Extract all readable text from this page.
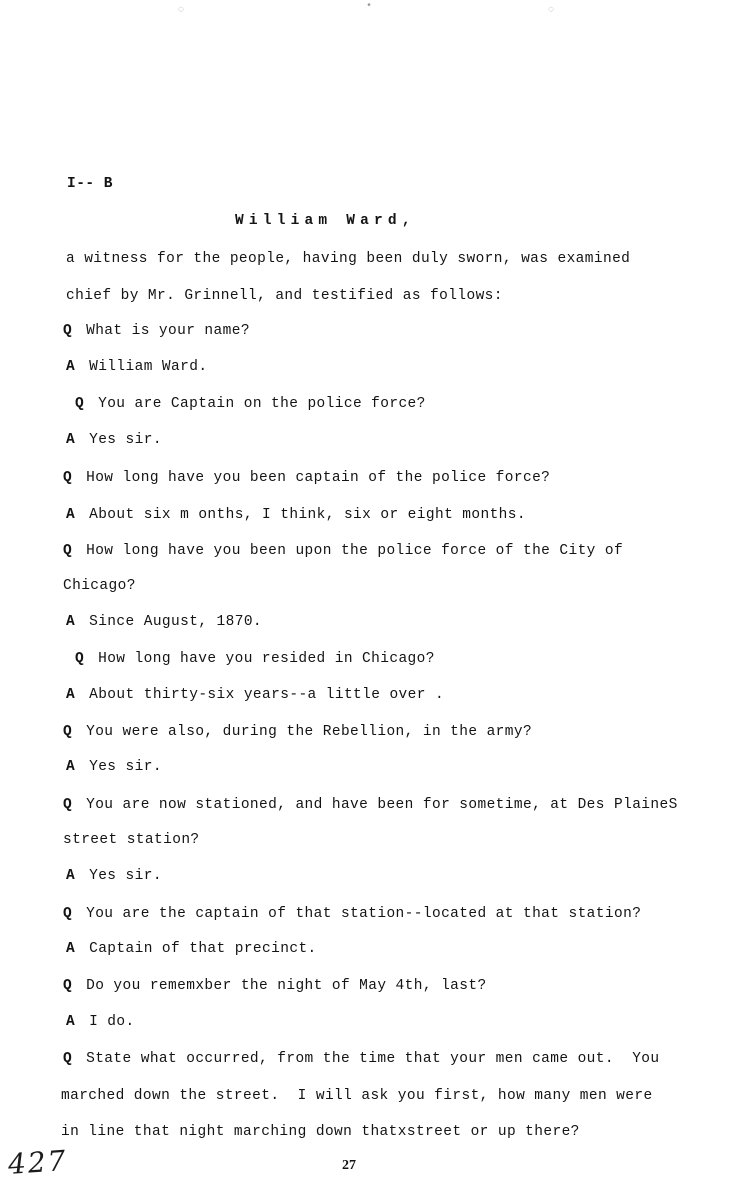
◌	•	◌
I-- B
William Ward,
a witness for the people, having been duly sworn, was examined
chief by Mr. Grinnell, and testified as follows:
Q What is your name?
A William Ward.
Q You are Captain on the police force?
A Yes sir.
Q How long have you been captain of the police force?
A About six m onths, I think, six or eight months.
Q How long have you been upon the police force of the City of
Chicago?
A Since August, 1870.
Q How long have you resided in Chicago?
A About thirty-six years--a little over .
Q You were also, during the Rebellion, in the army?
A Yes sir.
Q You are now stationed, and have been for sometime, at Des PlaineS
street station?
A Yes sir.
Q You are the captain of that station--located at that station?
A Captain of that precinct.
Q Do you rememxber the night of May 4th, last?
A I do.
Q State what occurred, from the time that your men came out.  You
marched down the street.  I will ask you first, how many men were
in line that night marching down thatxstreet or up there?
427	27
